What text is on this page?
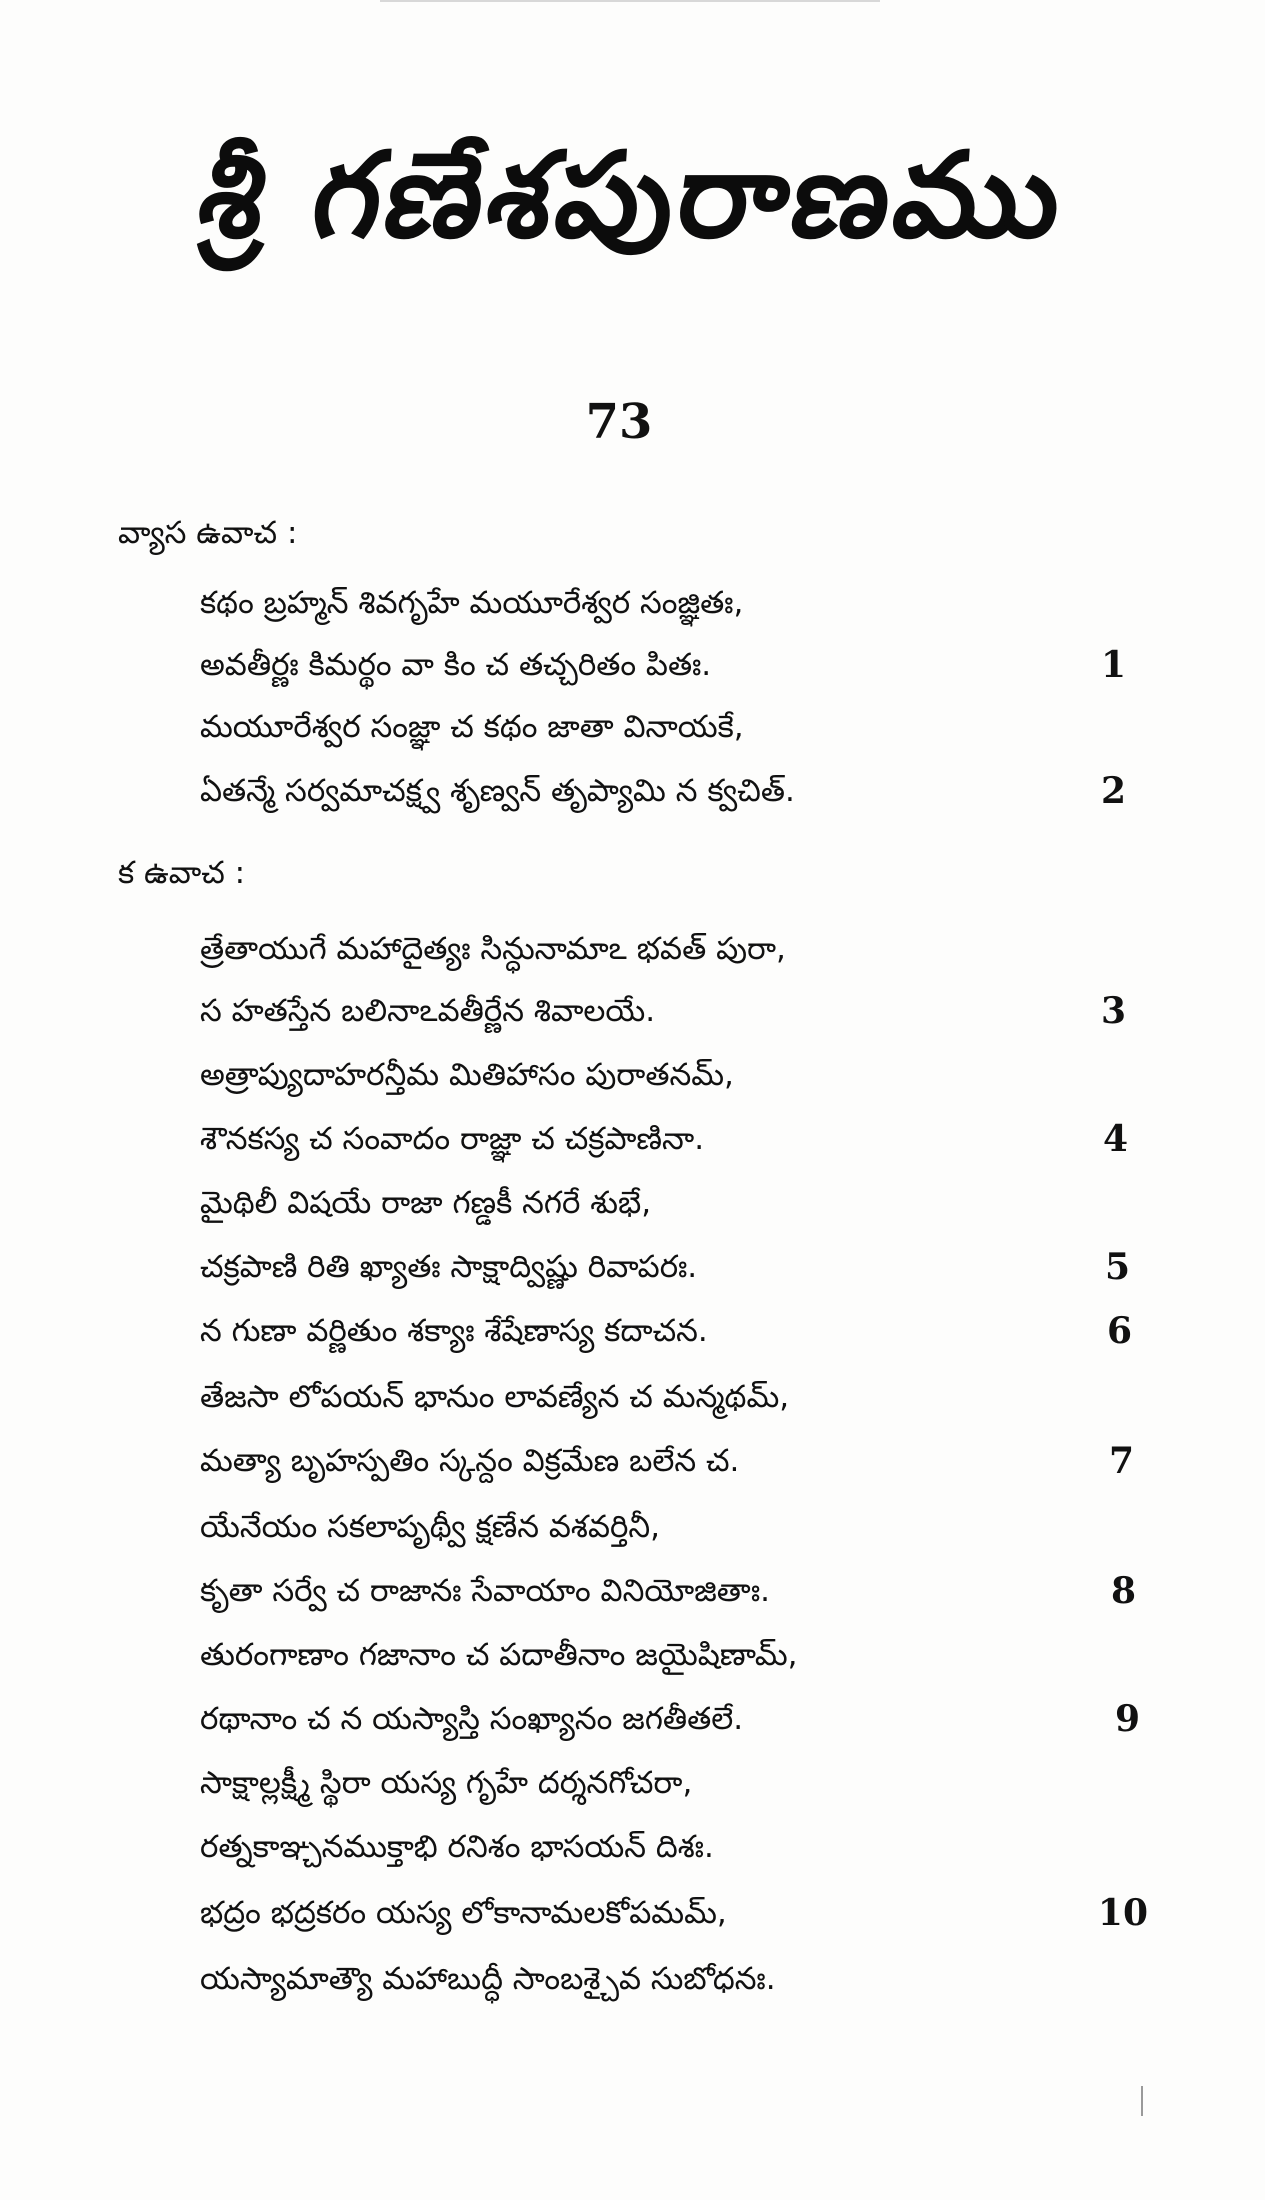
శ్రీ గణేశపురాణము
73
వ్యాస ఉవాచ :
క ఉవాచ :
కథం బ్రహ్మన్ శివగృహే మయూరేశ్వర సంజ్ఞితః,
అవతీర్ణః కిమర్థం వా కిం చ తచ్చరితం పితః.
మయూరేశ్వర సంజ్ఞా చ కథం జాతా వినాయకే,
ఏతన్మే సర్వమాచక్ష్వ శృణ్వన్ తృప్యామి న క్వచిత్.
త్రేతాయుగే మహాదైత్యః సిన్ధునామాఽ భవత్ పురా,
స హతస్తేన బలినాఽవతీర్ణేన శివాలయే.
అత్రాప్యుదాహరన్తీమ మితిహాసం పురాతనమ్,
శౌనకస్య చ సంవాదం రాజ్ఞా చ చక్రపాణినా.
మైథిలీ విషయే రాజా గణ్డకీ నగరే శుభే,
చక్రపాణి రితి ఖ్యాతః సాక్షాద్విష్ణు రివాపరః.
న గుణా వర్ణితుం శక్యాః శేషేణాస్య కదాచన.
తేజసా లోపయన్ భానుం లావణ్యేన చ మన్మథమ్,
మత్యా బృహస్పతిం స్కన్దం విక్రమేణ బలేన చ.
యేనేయం సకలాపృథ్వీ క్షణేన వశవర్తినీ,
కృతా సర్వే చ రాజానః సేవాయాం వినియోజితాః.
తురంగాణాం గజానాం చ పదాతీనాం జయైషిణామ్,
రథానాం చ న యస్యాస్తి సంఖ్యానం జగతీతలే.
సాక్షాల్లక్ష్మీ స్థిరా యస్య గృహే దర్శనగోచరా,
రత్నకాఞ్చనముక్తాభి రనిశం భాసయన్ దిశః.
భద్రం భద్రకరం యస్య లోకానామలకోపమమ్,
యస్యామాత్యౌ మహాబుద్ధీ సాంబశ్చైవ సుబోధనః.
1
2
3
4
5
6
7
8
9
10
